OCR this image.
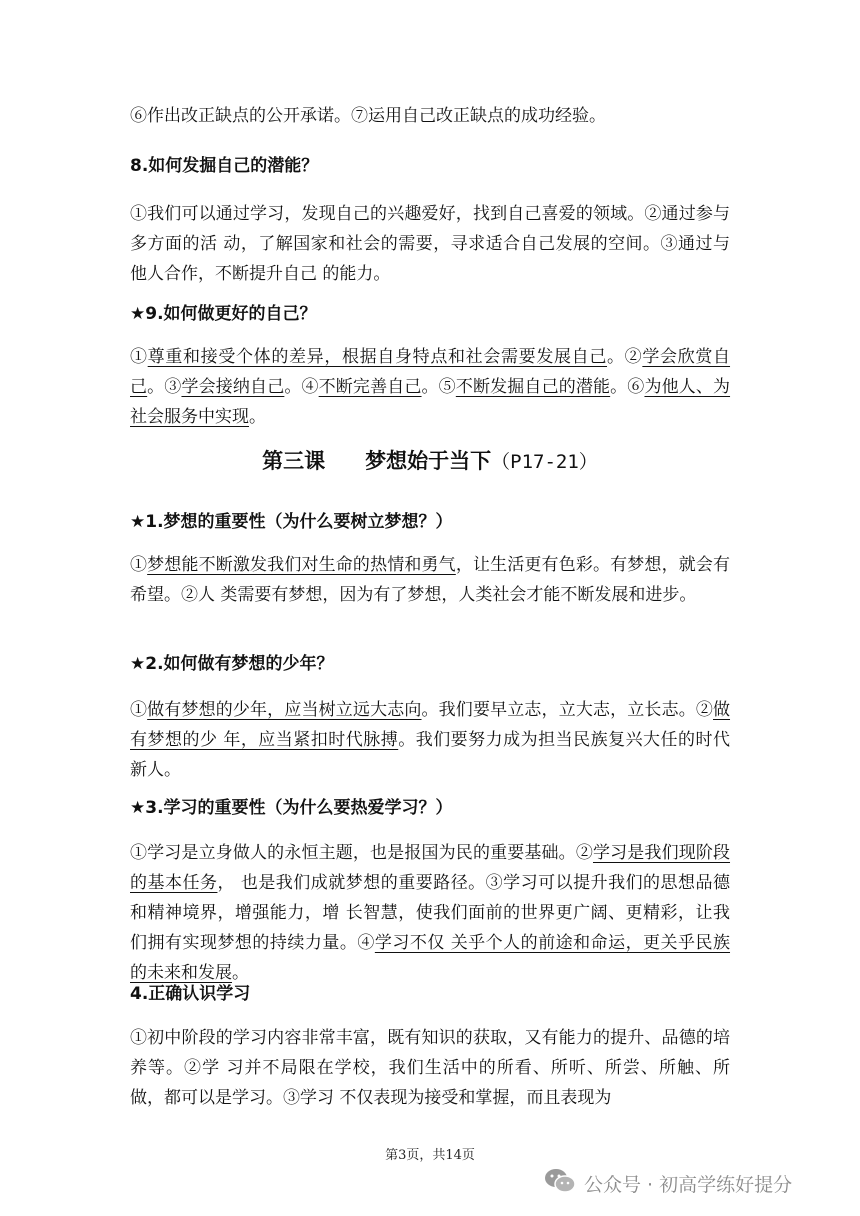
⑥作出改正缺点的公开承诺。⑦运用自己改正缺点的成功经验。

8.如何发掘自己的潜能？

①我们可以通过学习，发现自己的兴趣爱好，找到自己喜爱的领域。②通过参与多方面的活 动，了解国家和社会的需要，寻求适合自己发展的空间。③通过与他人合作，不断提升自己 的能力。

★9.如何做更好的自己？

①尊重和接受个体的差异，根据自身特点和社会需要发展自己。②学会欣赏自己。③学会接纳自己。④不断完善自己。⑤不断发掘自己的潜能。⑥为他人、为社会服务中实现。

第三课 梦想始于当下（P17-21）
★1.梦想的重要性（为什么要树立梦想？）

①梦想能不断激发我们对生命的热情和勇气，让生活更有色彩。有梦想，就会有希望。②人 类需要有梦想，因为有了梦想，人类社会才能不断发展和进步。

★2.如何做有梦想的少年？

①做有梦想的少年，应当树立远大志向。我们要早立志，立大志，立长志。②做有梦想的少 年，应当紧扣时代脉搏。我们要努力成为担当民族复兴大任的时代新人。

★3.学习的重要性（为什么要热爱学习？）

①学习是立身做人的永恒主题，也是报国为民的重要基础。②学习是我们现阶段的基本任务， 也是我们成就梦想的重要路径。③学习可以提升我们的思想品德和精神境界，增强能力，增 长智慧，使我们面前的世界更广阔、更精彩，让我们拥有实现梦想的持续力量。④学习不仅 关乎个人的前途和命运，更关乎民族的未来和发展。

4.正确认识学习

①初中阶段的学习内容非常丰富，既有知识的获取，又有能力的提升、品德的培养等。②学 习并不局限在学校，我们生活中的所看、所听、所尝、所触、所做，都可以是学习。③学习 不仅表现为接受和掌握，而且表现为

第3页，共14页
公众号 · 初高学练好提分
